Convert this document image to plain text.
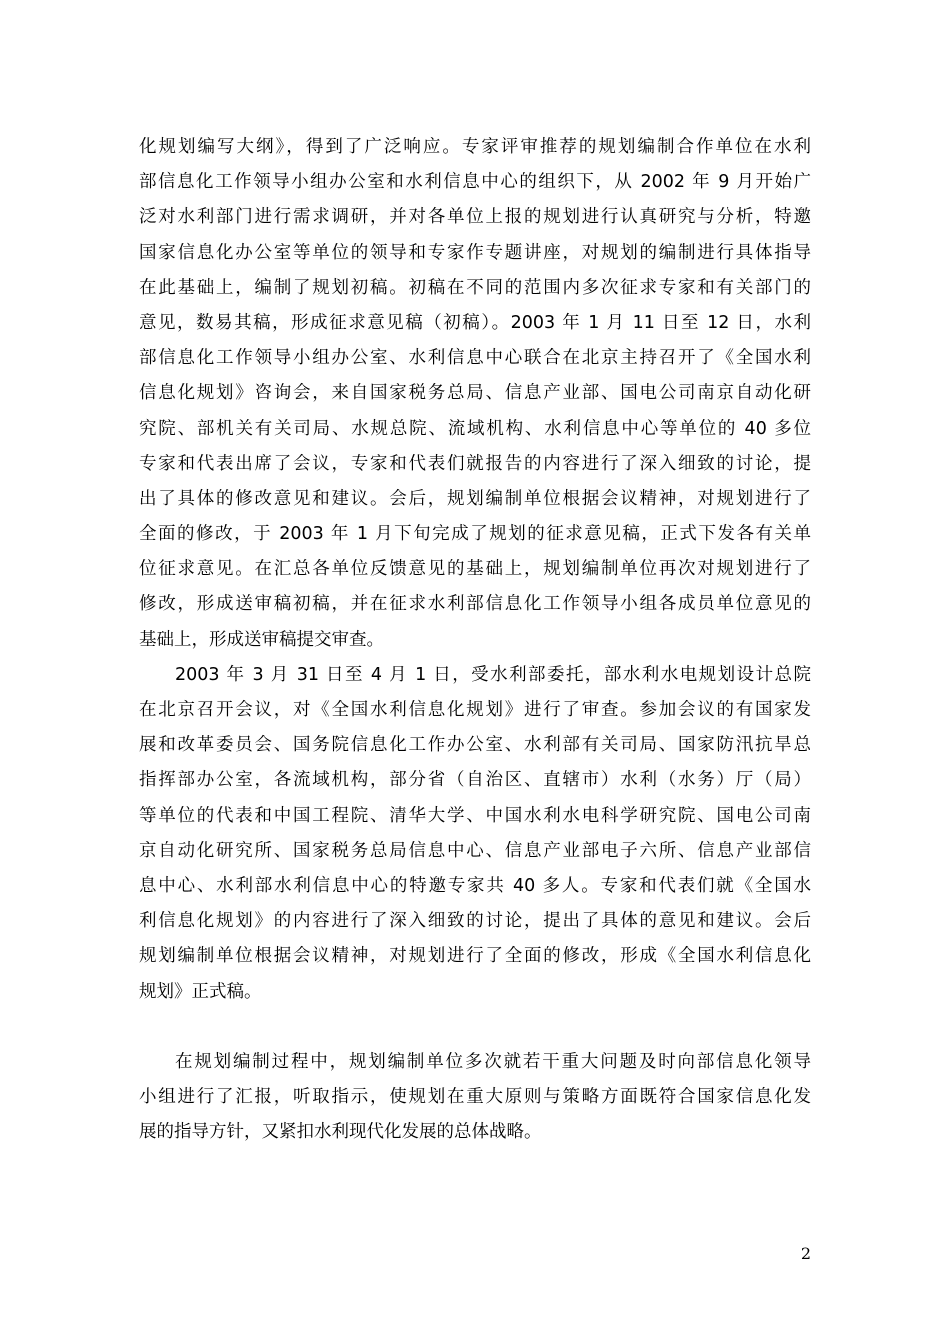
化规划编写大纲》，得到了广泛响应。专家评审推荐的规划编制合作单位在水利
部信息化工作领导小组办公室和水利信息中心的组织下，从 2002 年 9 月开始广
泛对水利部门进行需求调研，并对各单位上报的规划进行认真研究与分析，特邀
国家信息化办公室等单位的领导和专家作专题讲座，对规划的编制进行具体指导
在此基础上，编制了规划初稿。初稿在不同的范围内多次征求专家和有关部门的
意见，数易其稿，形成征求意见稿（初稿）。2003 年 1 月 11 日至 12 日，水利
部信息化工作领导小组办公室、水利信息中心联合在北京主持召开了《全国水利
信息化规划》咨询会，来自国家税务总局、信息产业部、国电公司南京自动化研
究院、部机关有关司局、水规总院、流域机构、水利信息中心等单位的 40 多位
专家和代表出席了会议，专家和代表们就报告的内容进行了深入细致的讨论，提
出了具体的修改意见和建议。会后，规划编制单位根据会议精神，对规划进行了
全面的修改，于 2003 年 1 月下旬完成了规划的征求意见稿，正式下发各有关单
位征求意见。在汇总各单位反馈意见的基础上，规划编制单位再次对规划进行了
修改，形成送审稿初稿，并在征求水利部信息化工作领导小组各成员单位意见的
基础上，形成送审稿提交审查。
2003 年 3 月 31 日至 4 月 1 日，受水利部委托，部水利水电规划设计总院
在北京召开会议，对《全国水利信息化规划》进行了审查。参加会议的有国家发
展和改革委员会、国务院信息化工作办公室、水利部有关司局、国家防汛抗旱总
指挥部办公室，各流域机构，部分省（自治区、直辖市）水利（水务）厅（局）
等单位的代表和中国工程院、清华大学、中国水利水电科学研究院、国电公司南
京自动化研究所、国家税务总局信息中心、信息产业部电子六所、信息产业部信
息中心、水利部水利信息中心的特邀专家共 40 多人。专家和代表们就《全国水
利信息化规划》的内容进行了深入细致的讨论，提出了具体的意见和建议。会后
规划编制单位根据会议精神，对规划进行了全面的修改，形成《全国水利信息化
规划》正式稿。
在规划编制过程中，规划编制单位多次就若干重大问题及时向部信息化领导
小组进行了汇报，听取指示，使规划在重大原则与策略方面既符合国家信息化发
展的指导方针，又紧扣水利现代化发展的总体战略。
2
